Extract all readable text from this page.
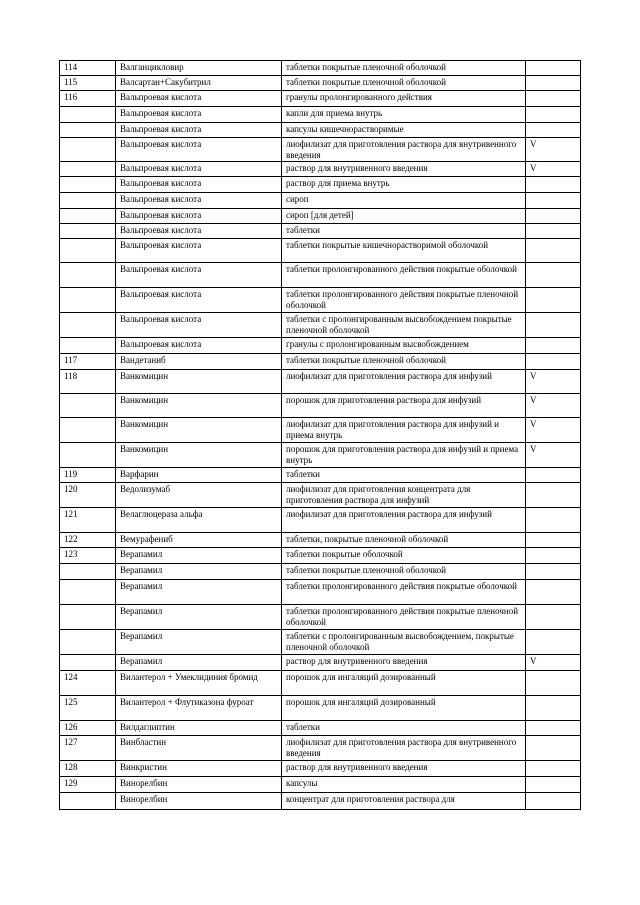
114	Валганцикловир	таблетки покрытые пленочной оболочкой	
115	Валсартан+Сакубитрил	таблетки покрытые пленочной оболочкой	
116	Вальпроевая кислота	гранулы пролонгированного действия	
	Вальпроевая кислота	капли для приема внутрь	
	Вальпроевая кислота	капсулы кишечнорастворимые	
	Вальпроевая кислота	лиофилизат для приготовления раствора для внутривенного введения	V
	Вальпроевая кислота	раствор для внутривенного введения	V
	Вальпроевая кислота	раствор для приема внутрь	
	Вальпроевая кислота	сироп	
	Вальпроевая кислота	сироп [для детей]	
	Вальпроевая кислота	таблетки	
	Вальпроевая кислота	таблетки покрытые кишечнорастворимой оболочкой	
	Вальпроевая кислота	таблетки пролонгированного действия покрытые оболочкой	
	Вальпроевая кислота	таблетки пролонгированного действия покрытые пленочной оболочкой	
	Вальпроевая кислота	таблетки с пролонгированным высвобождением покрытые пленочной оболочкой	
	Вальпроевая кислота	гранулы с пролонгированным высвобождением	
117	Вандетаниб	таблетки покрытые пленочной оболочкой	
118	Ванкомицин	лиофилизат для приготовления раствора для инфузий	V
	Ванкомицин	порошок для приготовления раствора для инфузий	V
	Ванкомицин	лиофилизат для приготовления раствора для инфузий и приема внутрь	V
	Ванкомицин	порошок для приготовления раствора для инфузий и приема внутрь	V
119	Варфарин	таблетки	
120	Ведолизумаб	лиофилизат для приготовления концентрата для приготовления раствора для инфузий	
121	Велаглюцераза альфа	лиофилизат для приготовления раствора для инфузий	
122	Вемурафениб	таблетки, покрытые пленочной оболочкой	
123	Верапамил	таблетки покрытые оболочкой	
	Верапамил	таблетки покрытые пленочной оболочкой	
	Верапамил	таблетки пролонгированного действия покрытые оболочкой	
	Верапамил	таблетки пролонгированного действия покрытые пленочной оболочкой	
	Верапамил	таблетки с пролонгированным высвобождением, покрытые пленочной оболочкой	
	Верапамил	раствор для внутривенного введения	V
124	Вилантерол + Умеклидиния бромид	порошок для ингаляций дозированный	
125	Вилантерол + Флутиказона фуроат	порошок для ингаляций дозированный	
126	Вилдаглиптин	таблетки	
127	Винбластин	лиофилизат для приготовления раствора для внутривенного введения	
128	Винкристин	раствор для внутривенного введения	
129	Винорелбин	капсулы	
	Винорелбин	концентрат для приготовления раствора для	
